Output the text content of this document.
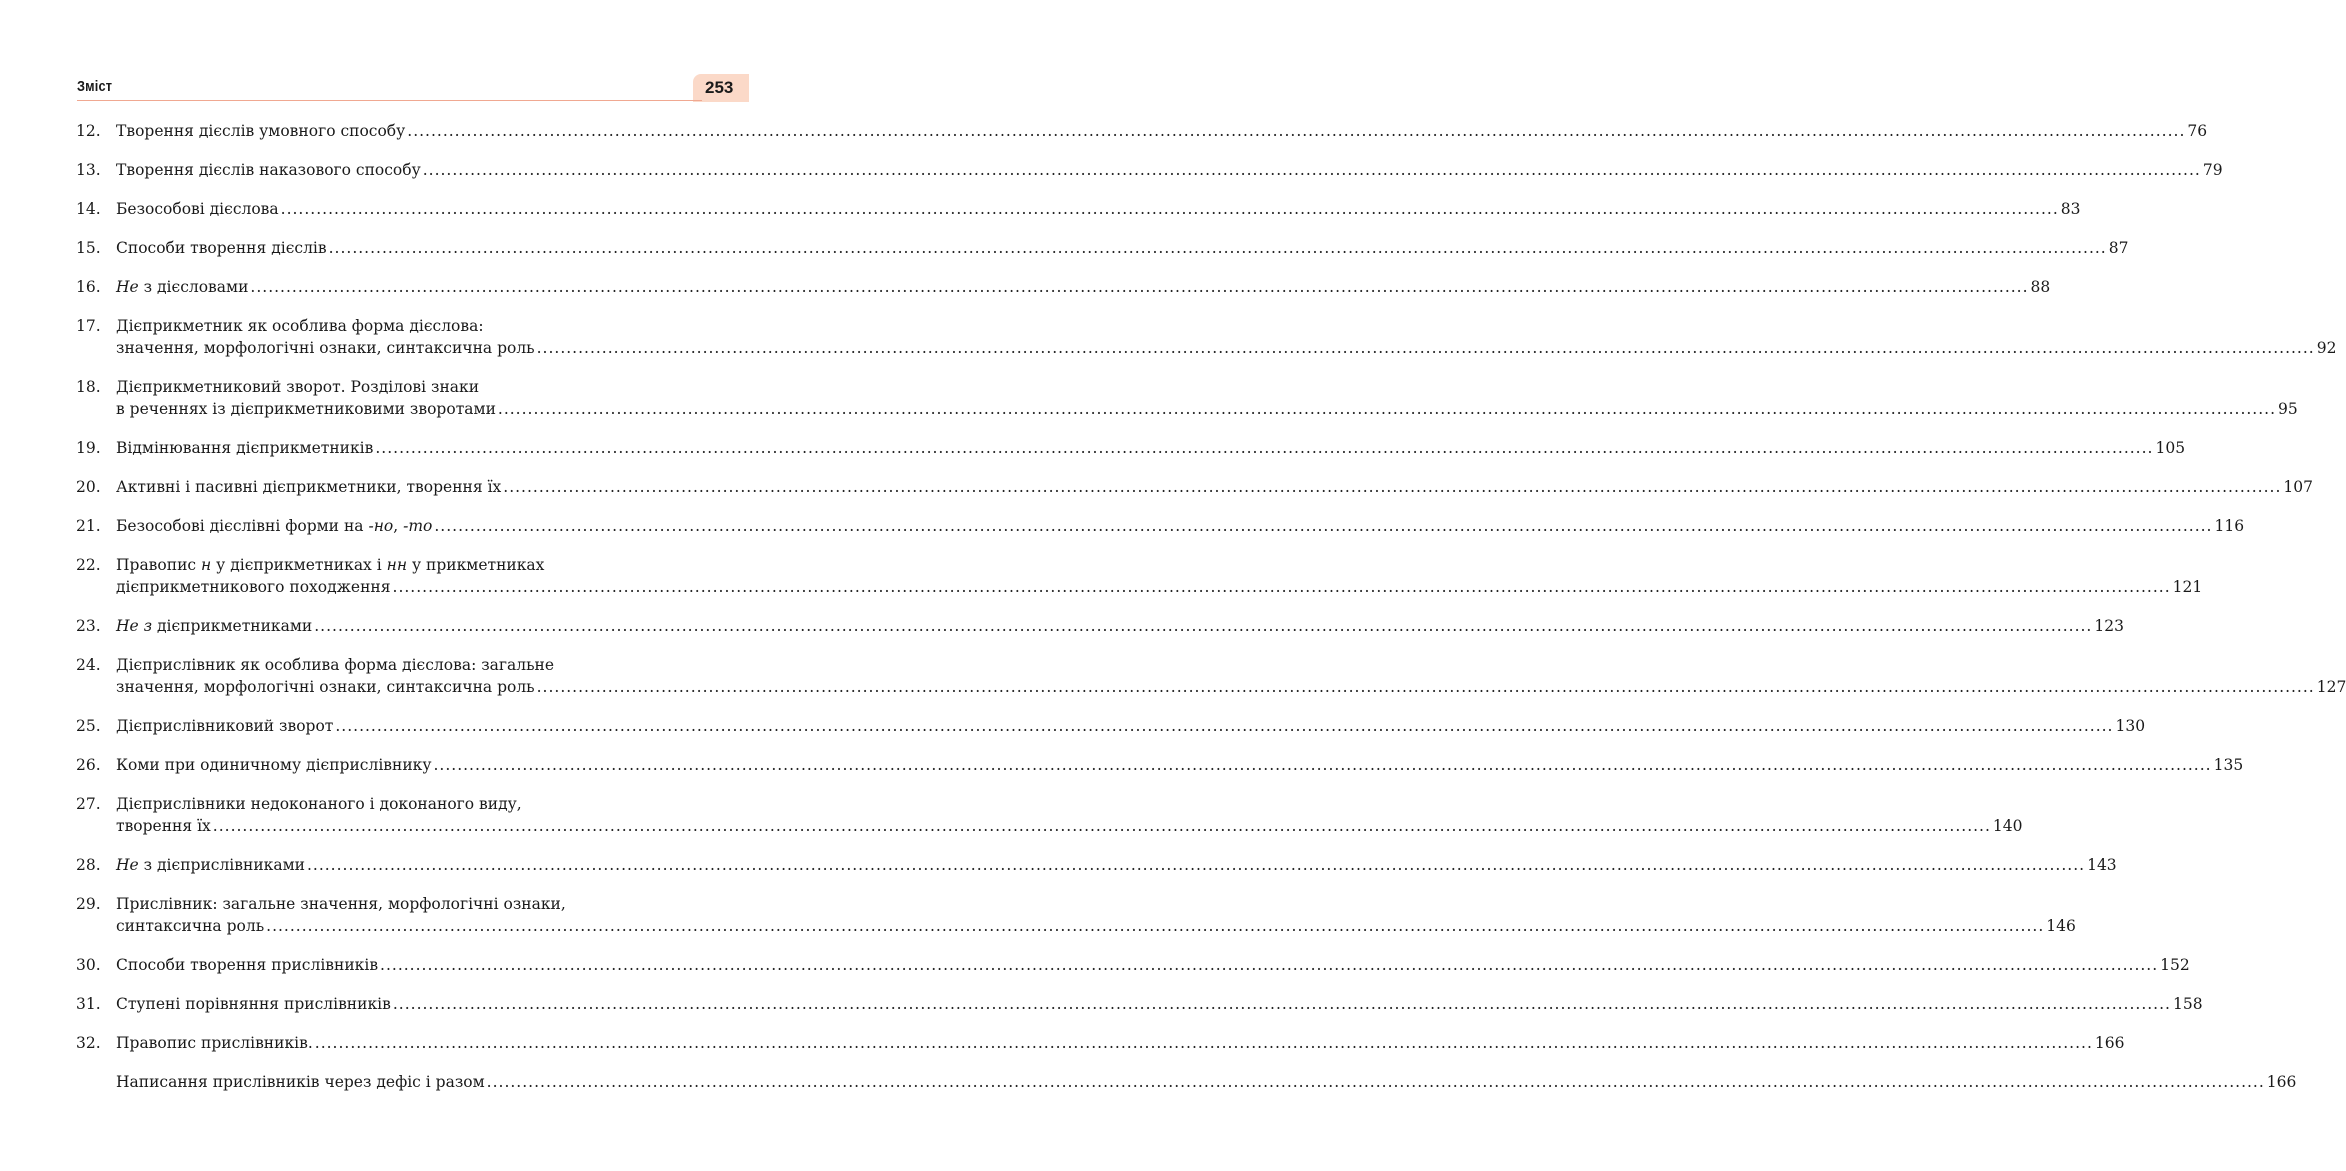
253
Зміст
12. Творення дієслів умовного способу ............................................................................................................................................................................................................................................................................................................ 76
13. Творення дієслів наказового способу ............................................................................................................................................................................................................................................................................................................ 79
14. Безособові дієслова ............................................................................................................................................................................................................................................................................................................ 83
15. Способи творення дієслів ............................................................................................................................................................................................................................................................................................................ 87
16. Не з дієсловами ............................................................................................................................................................................................................................................................................................................ 88
17. Дієприкметник як особлива форма дієслова:
значення, морфологічні ознаки, синтаксична роль ............................................................................................................................................................................................................................................................................................................ 92
18. Дієприкметниковий зворот. Розділові знаки
в реченнях із дієприкметниковими зворотами ............................................................................................................................................................................................................................................................................................................ 95
19. Відмінювання дієприкметників ............................................................................................................................................................................................................................................................................................................ 105
20. Активні і пасивні дієприкметники, творення їх ............................................................................................................................................................................................................................................................................................................ 107
21. Безособові дієслівні форми на -но, -то ............................................................................................................................................................................................................................................................................................................ 116
22. Правопис н у дієприкметниках і нн у прикметниках
дієприкметникового походження ............................................................................................................................................................................................................................................................................................................ 121
23. Не з дієприкметниками ............................................................................................................................................................................................................................................................................................................ 123
24. Дієприслівник як особлива форма дієслова: загальне
значення, морфологічні ознаки, синтаксична роль ............................................................................................................................................................................................................................................................................................................ 127
25. Дієприслівниковий зворот ............................................................................................................................................................................................................................................................................................................ 130
26. Коми при одиничному дієприслівнику ............................................................................................................................................................................................................................................................................................................ 135
27. Дієприслівники недоконаного і доконаного виду,
творення їх ............................................................................................................................................................................................................................................................................................................ 140
28. Не з дієприслівниками ............................................................................................................................................................................................................................................................................................................ 143
29. Прислівник: загальне значення, морфологічні ознаки,
синтаксична роль ............................................................................................................................................................................................................................................................................................................ 146
30. Способи творення прислівників ............................................................................................................................................................................................................................................................................................................ 152
31. Ступені порівняння прислівників ............................................................................................................................................................................................................................................................................................................ 158
32. Правопис прислівників. ............................................................................................................................................................................................................................................................................................................ 166
Написання прислівників через дефіс і разом ............................................................................................................................................................................................................................................................................................................ 166
